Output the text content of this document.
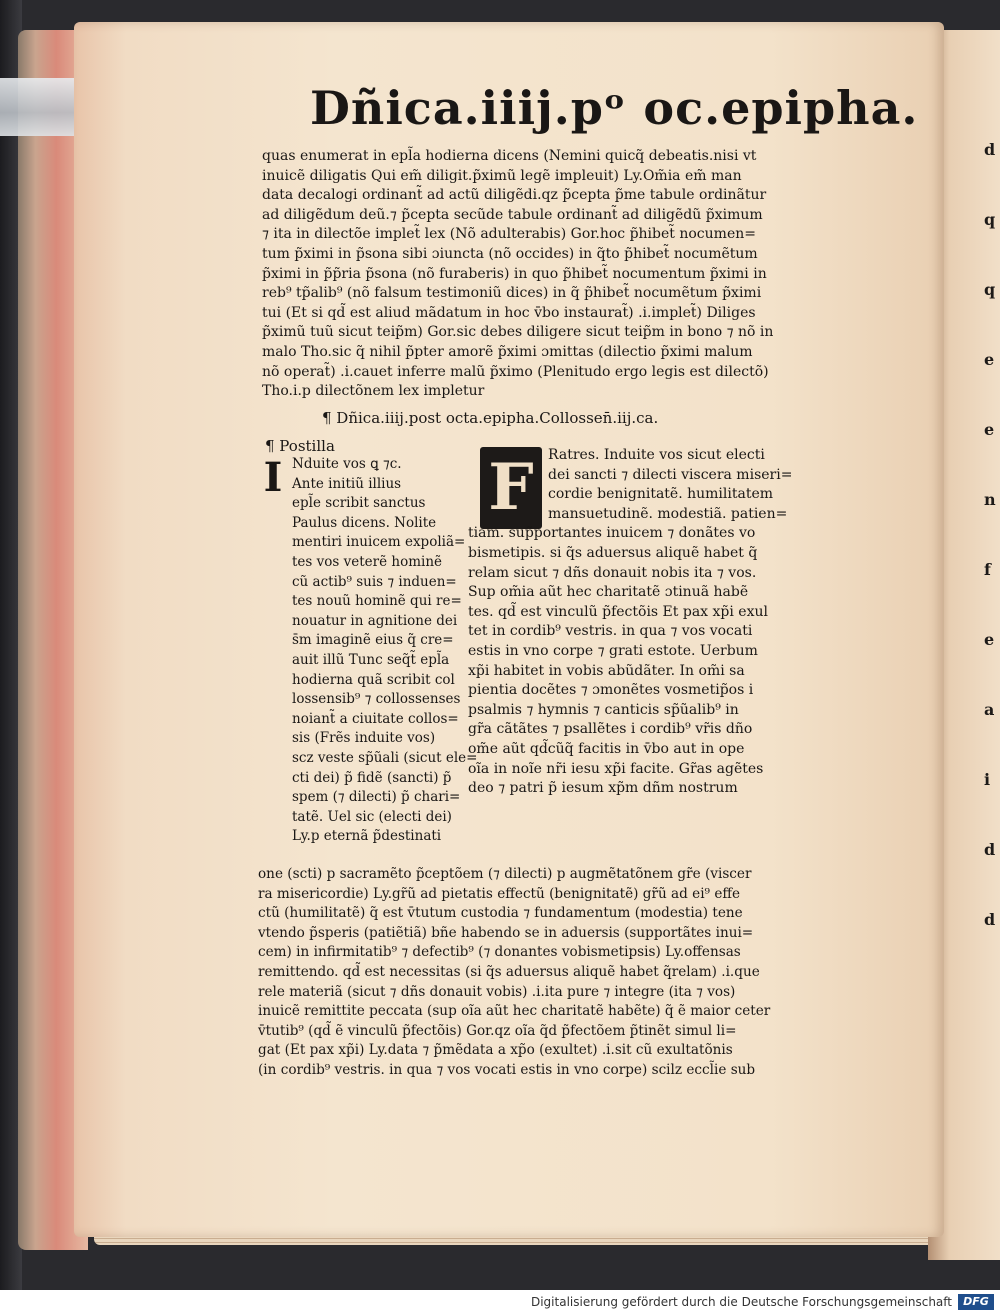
Dñica.iiij.pᵒ oc.epipha.
quas enumerat in epl̃a hodierna dicens (Nemini quicq̃ debeatis.nisi vt
inuicẽ diligatis Qui em̃ diligit.p̃ximũ legẽ impleuit) Ly.Om̃ia em̃ man
data decalogi ordinant̃ ad actũ diligẽdi.qz p̃cepta p̃me tabule ordinãtur
ad diligẽdum deũ.⁊ p̃cepta secũde tabule ordinant̃ ad diligẽdũ p̃ximum
⁊ ita in dilectõe implet̃ lex (Nõ adulterabis) Gor.hoc p̃hibet̃ nocumen=
tum p̃ximi in p̃sona sibi ɔiuncta (nõ occides) in q̃to p̃hibet̃ nocumẽtum
p̃ximi in p̃p̃ria p̃sona (nõ furaberis) in quo p̃hibet̃ nocumentum p̃ximi in
reb⁹ tp̃alib⁹ (nõ falsum testimoniũ dices) in q̃ p̃hibet̃ nocumẽtum p̃ximi
tui (Et si qd̃ est aliud mãdatum in hoc v̄bo instaurat̃) .i.implet̃) Diliges
p̃ximũ tuũ sicut teip̃m) Gor.sic debes diligere sicut teip̃m in bono ⁊ nõ in
malo Tho.sic q̃ nihil p̃pter amorẽ p̃ximi ɔmittas (dilectio p̃ximi malum
nõ operat̃) .i.cauet inferre malũ p̃ximo (Plenitudo ergo legis est dilectõ)
Tho.i.p dilectõnem lex impletur
¶ Dñica.iiij.post octa.epipha.Collossen̄.iij.ca.
¶ Postilla
I Nduite vos ꝗ ⁊c.
Ante initiũ illius
epl̃e scribit sanctus
Paulus dicens. Nolite
mentiri inuicem expoliã=
tes vos veterẽ hominẽ
cũ actib⁹ suis ⁊ induen=
tes nouũ hominẽ qui re=
nouatur in agnitione dei
s̄m imaginẽ eius q̃ cre=
auit illũ Tunc seq̃t̃ epl̃a
hodierna quã scribit col
lossensib⁹ ⁊ collossenses
noiant̃ a ciuitate collos=
sis (Frẽs induite vos)
scz veste sp̃ũali (sicut ele=
cti dei) p̃ fidẽ (sancti) p̃
spem (⁊ dilecti) p̃ chari=
tatẽ. Uel sic (electi dei)
Ly.p eternã p̃destinati
F	Ratres. Induite vos sicut electi
dei sancti ⁊ dilecti viscera miseri=
cordie benignitatẽ. humilitatem
mansuetudinẽ. modestiã. patien=
tiam. sup̃portantes inuicem ⁊ donãtes vo
bismetipis. si q̃s aduersus aliquẽ habet q̃
relam sicut ⁊ dñs donauit nobis ita ⁊ vos.
Sup om̃ia aũt hec charitatẽ ɔtinuã habẽ
tes. qd̃ est vinculũ p̃fectõis Et pax xp̃i exul
tet in cordib⁹ vestris. in qua ⁊ vos vocati
estis in vno corpe ⁊ grati estote. Uerbum
xp̃i habitet in vobis abũdãter. In om̃i sa
pientia docẽtes ⁊ ɔmonẽtes vosmetip̃os i
psalmis ⁊ hymnis ⁊ canticis sp̃ũalib⁹ in
gr̃a cãtãtes ⁊ psallẽtes i cordib⁹ vr̃is dño
om̃e aũt qd̃cũq̃ facitis in v̄bo aut in ope
oĩa in noĩe nr̃i iesu xp̃i facite. Gr̃as agẽtes
deo ⁊ patri p̃ iesum xp̃m dñm nostrum
one (scti) p sacramẽto p̃ceptõem (⁊ dilecti) p augmẽtatõnem gr̃e (viscer
ra misericordie) Ly.gr̃ũ ad pietatis effectũ (benignitatẽ) gr̃ũ ad ei⁹ effe
ctũ (humilitatẽ) q̃ est v̄tutum custodia ⁊ fundamentum (modestia) tene
vtendo p̃speris (patiẽtiã) bñe habendo se in aduersis (supportãtes inui=
cem) in infirmitatib⁹ ⁊ defectib⁹ (⁊ donantes vobismetipsis) Ly.offensas
remittendo. qd̃ est necessitas (si q̃s aduersus aliquẽ habet q̃relam) .i.que
rele materiã (sicut ⁊ dñs donauit vobis) .i.ita pure ⁊ integre (ita ⁊ vos)
inuicẽ remittite peccata (sup oĩa aũt hec charitatẽ habẽte) q̃ ẽ maior ceter
v̄tutib⁹ (qd̃ ẽ vinculũ p̃fectõis) Gor.qz oĩa q̃d p̃fectõem p̃tinẽt simul li=
gat (Et pax xp̃i) Ly.data ⁊ p̃mẽdata a xp̃o (exultet) .i.sit cũ exultatõnis
(in cordib⁹ vestris. in qua ⁊ vos vocati estis in vno corpe) scilz eccl̃ie sub
d
q
q
e
e
n
f
e
a
i
d
d
Digitalisierung gefördert durch die Deutsche Forschungsgemeinschaft	DFG
